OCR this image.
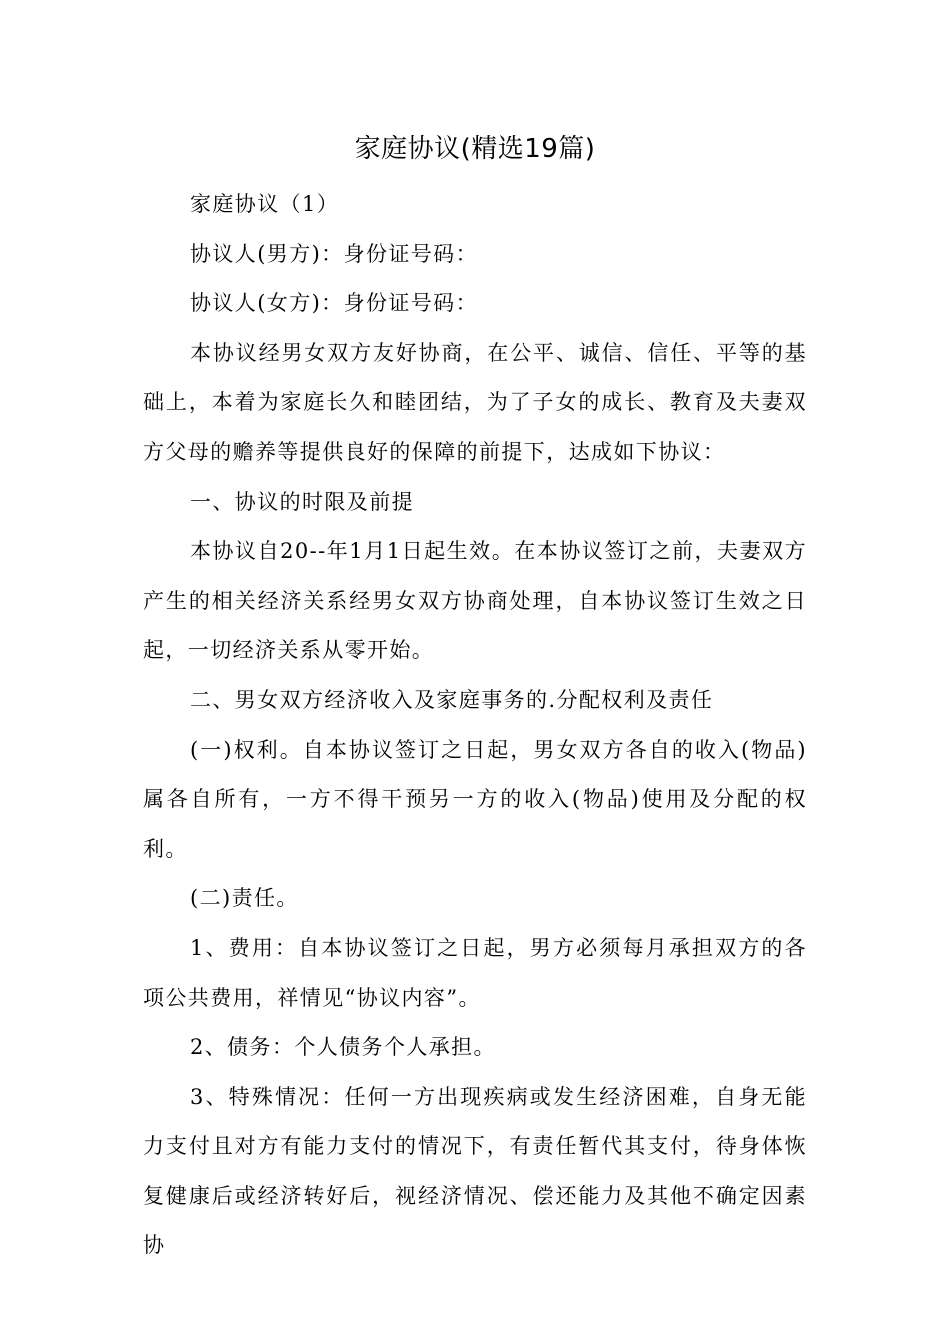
家庭协议(精选19篇)

家庭协议（1）

协议人(男方)：身份证号码：

协议人(女方)：身份证号码：

本协议经男女双方友好协商，在公平、诚信、信任、平等的基础上，本着为家庭长久和睦团结，为了子女的成长、教育及夫妻双方父母的赡养等提供良好的保障的前提下，达成如下协议：

一、协议的时限及前提

本协议自20--年1月1日起生效。在本协议签订之前，夫妻双方产生的相关经济关系经男女双方协商处理，自本协议签订生效之日起，一切经济关系从零开始。

二、男女双方经济收入及家庭事务的.分配权利及责任

(一)权利。自本协议签订之日起，男女双方各自的收入(物品)属各自所有，一方不得干预另一方的收入(物品)使用及分配的权利。

(二)责任。

1、费用：自本协议签订之日起，男方必须每月承担双方的各项公共费用，祥情见“协议内容”。

2、债务：个人债务个人承担。

3、特殊情况：任何一方出现疾病或发生经济困难，自身无能力支付且对方有能力支付的情况下，有责任暂代其支付，待身体恢复健康后或经济转好后，视经济情况、偿还能力及其他不确定因素协
